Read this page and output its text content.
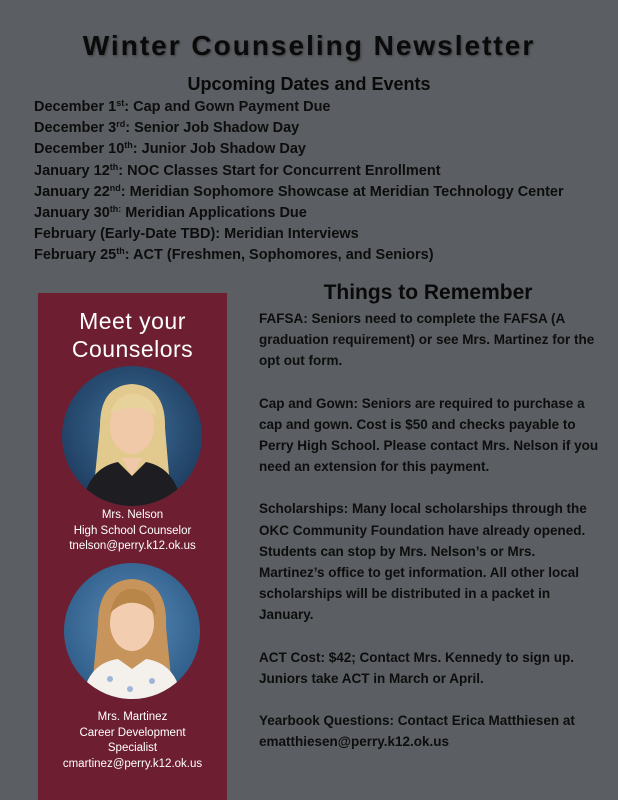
Winter Counseling Newsletter
Upcoming Dates and Events
December 1st: Cap and Gown Payment Due
December 3rd: Senior Job Shadow Day
December 10th: Junior Job Shadow Day
January 12th: NOC Classes Start for Concurrent Enrollment
January 22nd: Meridian Sophomore Showcase at Meridian Technology Center
January $30^{th:}$ Meridian Applications Due
February (Early-Date TBD): Meridian Interviews
February 25th: ACT (Freshmen, Sophomores, and Seniors)
Meet your
Counselors
Mrs. Nelson
High School Counselor
tnelson@perry.k12.ok.us
Mrs. Martinez
Career Development
Specialist
cmartinez@perry.k12.ok.us
Things to Remember

FAFSA: Seniors need to complete the FAFSA (A graduation requirement) or see Mrs. Martinez for the opt out form.

Cap and Gown: Seniors are required to purchase a cap and gown. Cost is $50 and checks payable to Perry High School. Please contact Mrs. Nelson if you need an extension for this payment.

Scholarships: Many local scholarships through the OKC Community Foundation have already opened. Students can stop by Mrs. Nelson’s or Mrs. Martinez’s office to get information. All other local scholarships will be distributed in a packet in January.

ACT Cost: $42; Contact Mrs. Kennedy to sign up. Juniors take ACT in March or April.

Yearbook Questions: Contact Erica Matthiesen at ematthiesen@perry.k12.ok.us
